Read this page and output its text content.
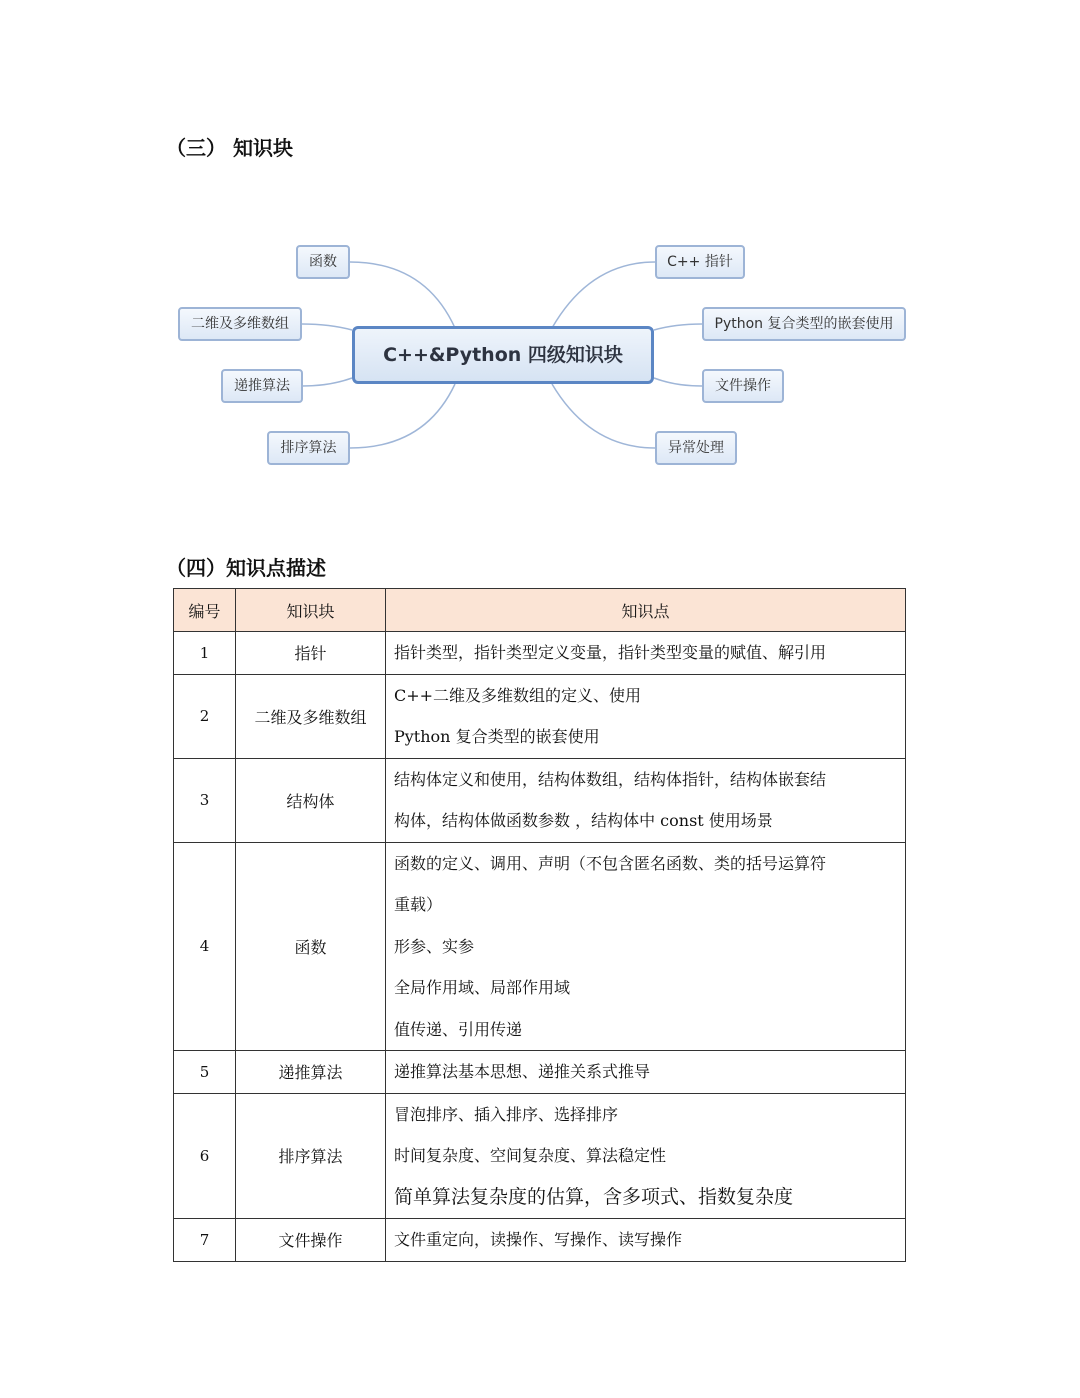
（三） 知识块
C++&Python 四级知识块
函数
二维及多维数组
递推算法
排序算法
C++ 指针
Python 复合类型的嵌套使用
文件操作
异常处理
（四）知识点描述
编号	知识块	知识点
1	指针	指针类型，指针类型定义变量，指针类型变量的赋值、解引用

2	二维及多维数组	C++二维及多维数组的定义、使用
Python 复合类型的嵌套使用

3	结构体	结构体定义和使用，结构体数组，结构体指针，结构体嵌套结
构体，结构体做函数参数 ，结构体中 const 使用场景

4	函数	函数的定义、调用、声明（不包含匿名函数、类的括号运算符
重载）
形参、实参
全局作用域、局部作用域
值传递、引用传递

5	递推算法	递推算法基本思想、递推关系式推导

6	排序算法	冒泡排序、插入排序、选择排序
时间复杂度、空间复杂度、算法稳定性
简单算法复杂度的估算，含多项式、指数复杂度

7	文件操作	文件重定向，读操作、写操作、读写操作
